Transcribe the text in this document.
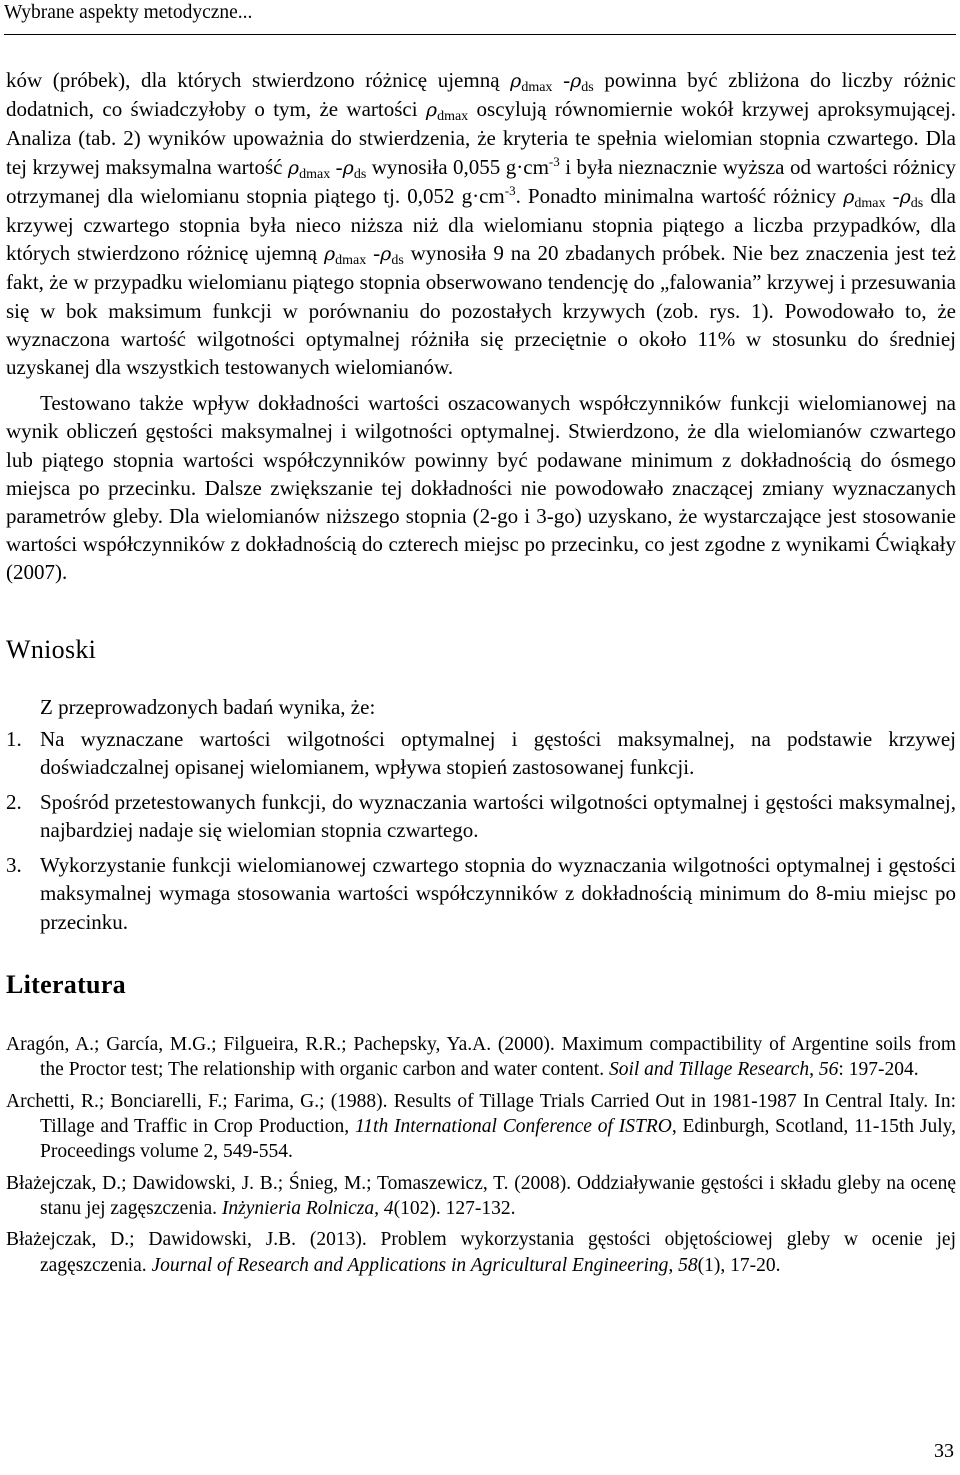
Wybrane aspekty metodyczne...

ków (próbek), dla których stwierdzono różnicę ujemną $\rho_{dmax}$ $-\rho_{ds}$ powinna być zbliżona do liczby różnic dodatnich, co świadczyłoby o tym, że wartości $\rho_{dmax}$ oscylują równomiernie wokół krzywej aproksymującej. Analiza (tab. 2) wyników upoważnia do stwierdzenia, że kryteria te spełnia wielomian stopnia czwartego. Dla tej krzywej maksymalna wartość $\rho_{dmax}$ $-\rho_{ds}$ wynosiła 0,055 $g\cdot cm^{-3}$ i była nieznacznie wyższa od wartości różnicy otrzymanej dla wielomianu stopnia piątego tj. 0,052 $g\cdot cm^{-3}$. Ponadto minimalna wartość różnicy $\rho_{dmax}$ $-\rho_{ds}$ dla krzywej czwartego stopnia była nieco niższa niż dla wielomianu stopnia piątego a liczba przypadków, dla których stwierdzono różnicę ujemną $\rho_{dmax}$ $-\rho_{ds}$ wynosiła 9 na 20 zbadanych próbek. Nie bez znaczenia jest też fakt, że w przypadku wielomianu piątego stopnia obserwowano tendencję do „falowania” krzywej i przesuwania się w bok maksimum funkcji w porównaniu do pozostałych krzywych (zob. rys. 1). Powodowało to, że wyznaczona wartość wilgotności optymalnej różniła się przeciętnie o około 11% w stosunku do średniej uzyskanej dla wszystkich testowanych wielomianów.

Testowano także wpływ dokładności wartości oszacowanych współczynników funkcji wielomianowej na wynik obliczeń gęstości maksymalnej i wilgotności optymalnej. Stwierdzono, że dla wielomianów czwartego lub piątego stopnia wartości współczynników powinny być podawane minimum z dokładnością do ósmego miejsca po przecinku. Dalsze zwiększanie tej dokładności nie powodowało znaczącej zmiany wyznaczanych parametrów gleby. Dla wielomianów niższego stopnia (2-go i 3-go) uzyskano, że wystarczające jest stosowanie wartości współczynników z dokładnością do czterech miejsc po przecinku, co jest zgodne z wynikami Ćwiąkały (2007).

Wnioski

Z przeprowadzonych badań wynika, że:

1. Na wyznaczane wartości wilgotności optymalnej i gęstości maksymalnej, na podstawie krzywej doświadczalnej opisanej wielomianem, wpływa stopień zastosowanej funkcji.
2. Spośród przetestowanych funkcji, do wyznaczania wartości wilgotności optymalnej i gęstości maksymalnej, najbardziej nadaje się wielomian stopnia czwartego.
3. Wykorzystanie funkcji wielomianowej czwartego stopnia do wyznaczania wilgotności optymalnej i gęstości maksymalnej wymaga stosowania wartości współczynników z dokładnością minimum do 8-miu miejsc po przecinku.
Literatura
Aragón, A.; García, M.G.; Filgueira, R.R.; Pachepsky, Ya.A. (2000). Maximum compactibility of Argentine soils from the Proctor test; The relationship with organic carbon and water content. Soil and Tillage Research, 56: 197-204.
Archetti, R.; Bonciarelli, F.; Farima, G.; (1988). Results of Tillage Trials Carried Out in 1981-1987 In Central Italy. In: Tillage and Traffic in Crop Production, 11th International Conference of ISTRO, Edinburgh, Scotland, 11-15th July, Proceedings volume 2, 549-554.
Błażejczak, D.; Dawidowski, J. B.; Śnieg, M.; Tomaszewicz, T. (2008). Oddziaływanie gęstości i składu gleby na ocenę stanu jej zagęszczenia. Inżynieria Rolnicza, 4(102). 127-132.
Błażejczak, D.; Dawidowski, J.B. (2013). Problem wykorzystania gęstości objętościowej gleby w ocenie jej zagęszczenia. Journal of Research and Applications in Agricultural Engineering, 58(1), 17-20.
33
